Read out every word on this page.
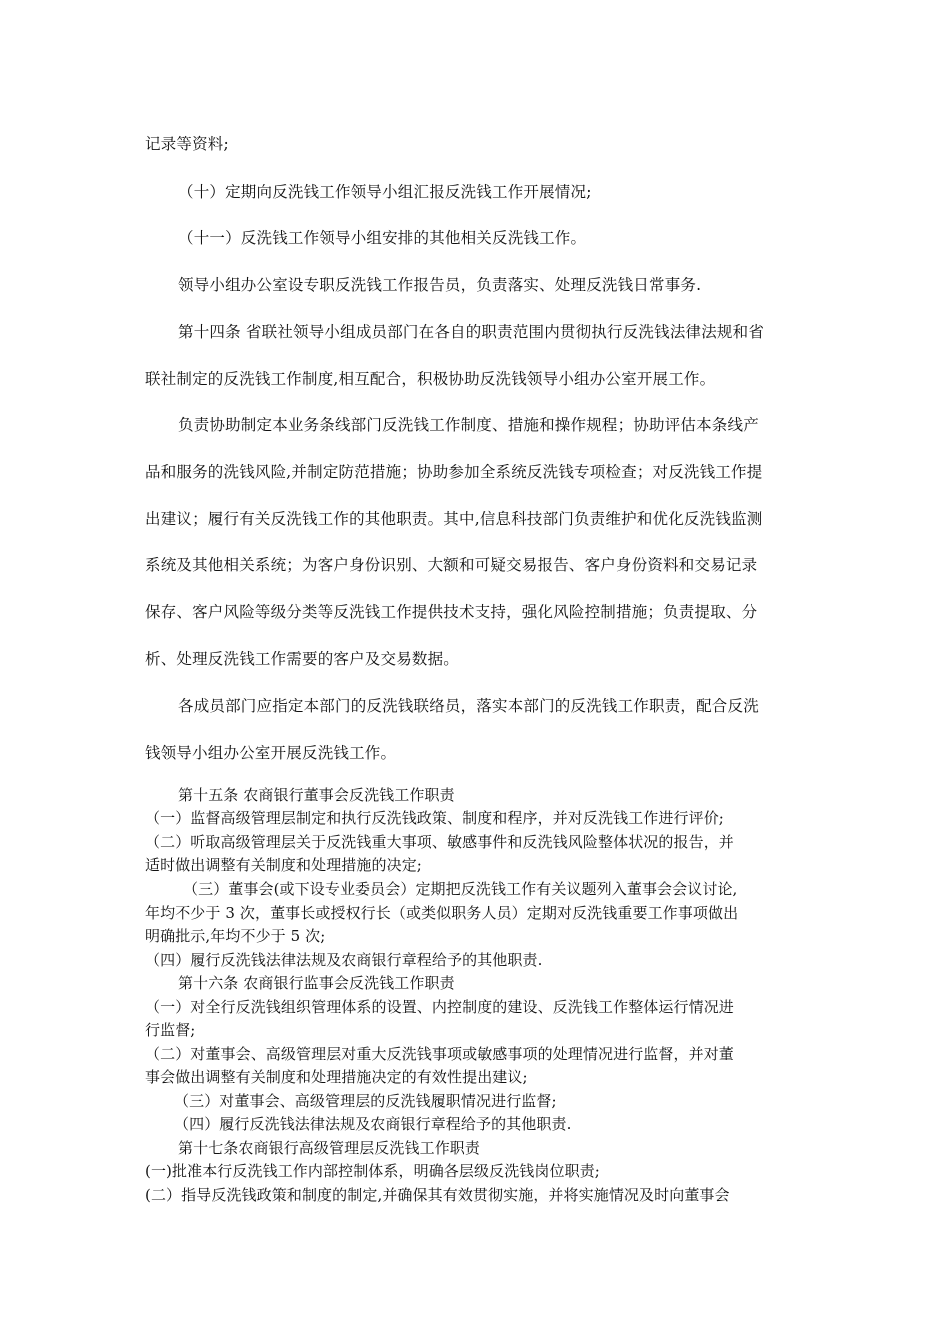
记录等资料;
（十）定期向反洗钱工作领导小组汇报反洗钱工作开展情况;
（十一）反洗钱工作领导小组安排的其他相关反洗钱工作。
领导小组办公室设专职反洗钱工作报告员，负责落实、处理反洗钱日常事务.
第十四条 省联社领导小组成员部门在各自的职责范围内贯彻执行反洗钱法律法规和省
联社制定的反洗钱工作制度,相互配合，积极协助反洗钱领导小组办公室开展工作。
负责协助制定本业务条线部门反洗钱工作制度、措施和操作规程；协助评估本条线产
品和服务的洗钱风险,并制定防范措施；协助参加全系统反洗钱专项检查；对反洗钱工作提
出建议；履行有关反洗钱工作的其他职责。其中,信息科技部门负责维护和优化反洗钱监测
系统及其他相关系统；为客户身份识别、大额和可疑交易报告、客户身份资料和交易记录
保存、客户风险等级分类等反洗钱工作提供技术支持，强化风险控制措施；负责提取、分
析、处理反洗钱工作需要的客户及交易数据。
各成员部门应指定本部门的反洗钱联络员，落实本部门的反洗钱工作职责，配合反洗
钱领导小组办公室开展反洗钱工作。
第十五条 农商银行董事会反洗钱工作职责
（一）监督高级管理层制定和执行反洗钱政策、制度和程序，并对反洗钱工作进行评价;
（二）听取高级管理层关于反洗钱重大事项、敏感事件和反洗钱风险整体状况的报告，并
适时做出调整有关制度和处理措施的决定;
（三）董事会(或下设专业委员会）定期把反洗钱工作有关议题列入董事会会议讨论,
年均不少于 3 次，董事长或授权行长（或类似职务人员）定期对反洗钱重要工作事项做出
明确批示,年均不少于 5 次;
（四）履行反洗钱法律法规及农商银行章程给予的其他职责.
第十六条 农商银行监事会反洗钱工作职责
（一）对全行反洗钱组织管理体系的设置、内控制度的建设、反洗钱工作整体运行情况进
行监督;
（二）对董事会、高级管理层对重大反洗钱事项或敏感事项的处理情况进行监督，并对董
事会做出调整有关制度和处理措施决定的有效性提出建议;
（三）对董事会、高级管理层的反洗钱履职情况进行监督;
（四）履行反洗钱法律法规及农商银行章程给予的其他职责.
第十七条农商银行高级管理层反洗钱工作职责
(一)批准本行反洗钱工作内部控制体系，明确各层级反洗钱岗位职责;
(二）指导反洗钱政策和制度的制定,并确保其有效贯彻实施，并将实施情况及时向董事会
